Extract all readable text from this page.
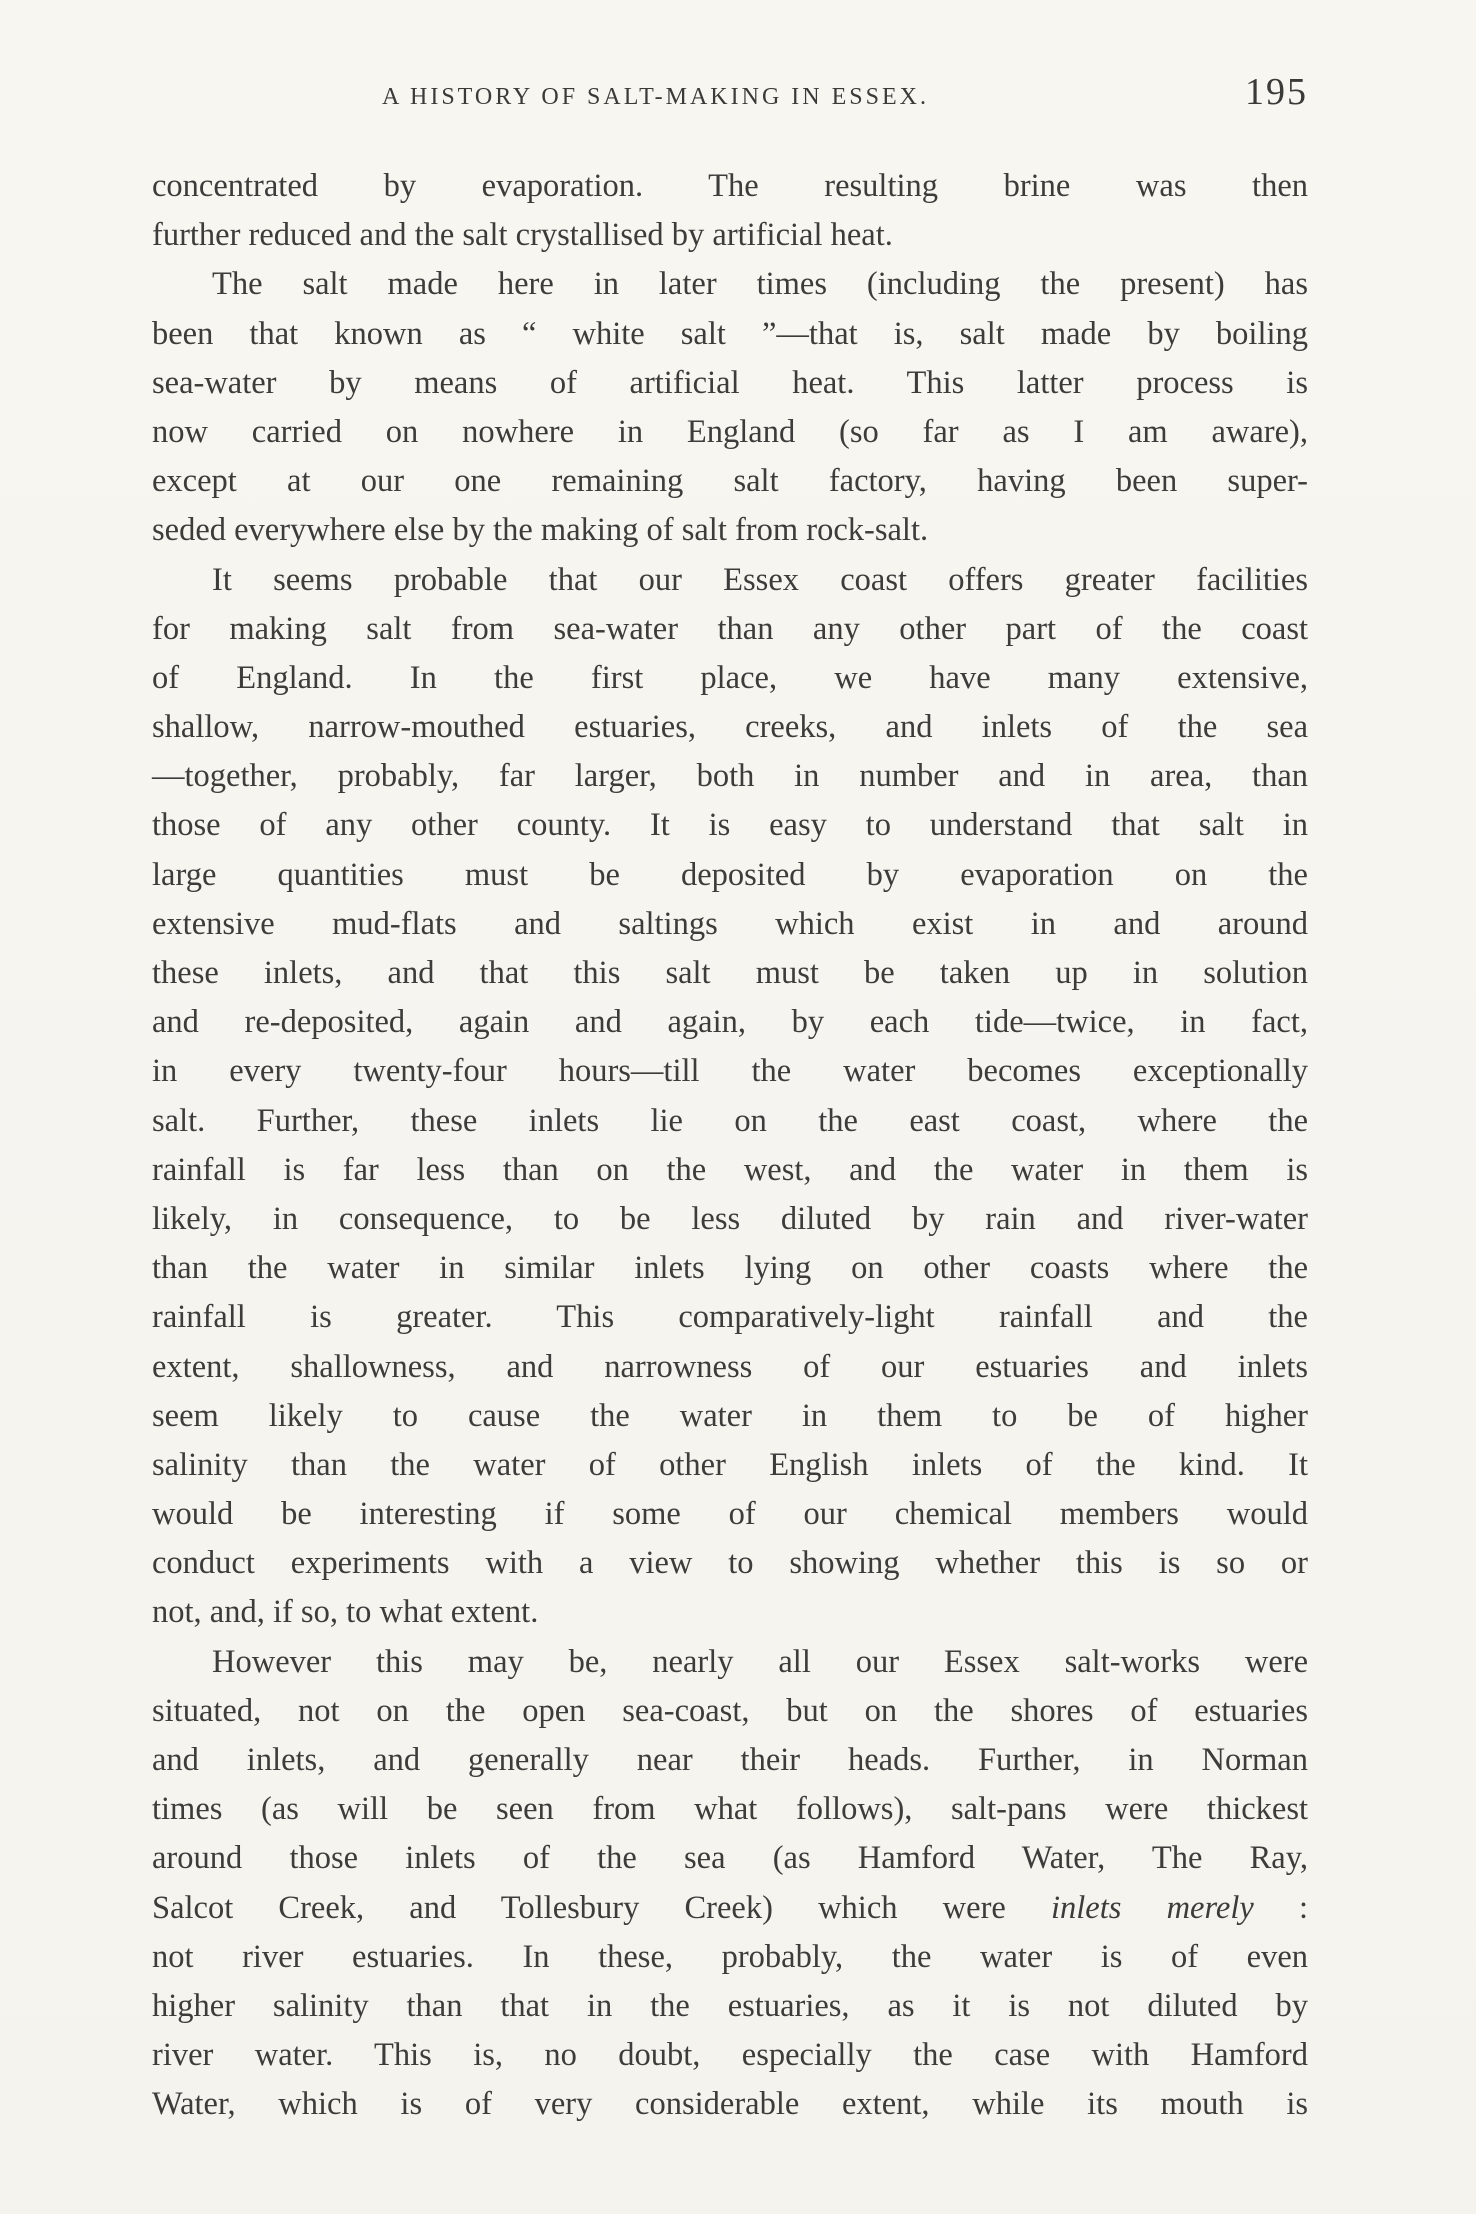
A HISTORY OF SALT-MAKING IN ESSEX.	195
concentrated by evaporation. The resulting brine was then
further reduced and the salt crystallised by artificial heat.
The salt made here in later times (including the present) has
been that known as “ white salt ”—that is, salt made by boiling
sea-water by means of artificial heat. This latter process is
now carried on nowhere in England (so far as I am aware),
except at our one remaining salt factory, having been super-
seded everywhere else by the making of salt from rock-salt.
It seems probable that our Essex coast offers greater facilities
for making salt from sea-water than any other part of the coast
of England. In the first place, we have many extensive,
shallow, narrow-mouthed estuaries, creeks, and inlets of the sea
—together, probably, far larger, both in number and in area, than
those of any other county. It is easy to understand that salt in
large quantities must be deposited by evaporation on the
extensive mud-flats and saltings which exist in and around
these inlets, and that this salt must be taken up in solution
and re-deposited, again and again, by each tide—twice, in fact,
in every twenty-four hours—till the water becomes exceptionally
salt. Further, these inlets lie on the east coast, where the
rainfall is far less than on the west, and the water in them is
likely, in consequence, to be less diluted by rain and river-water
than the water in similar inlets lying on other coasts where the
rainfall is greater. This comparatively-light rainfall and the
extent, shallowness, and narrowness of our estuaries and inlets
seem likely to cause the water in them to be of higher
salinity than the water of other English inlets of the kind. It
would be interesting if some of our chemical members would
conduct experiments with a view to showing whether this is so or
not, and, if so, to what extent.
However this may be, nearly all our Essex salt-works were
situated, not on the open sea-coast, but on the shores of estuaries
and inlets, and generally near their heads. Further, in Norman
times (as will be seen from what follows), salt-pans were thickest
around those inlets of the sea (as Hamford Water, The Ray,
Salcot Creek, and Tollesbury Creek) which were inlets merely :
not river estuaries. In these, probably, the water is of even
higher salinity than that in the estuaries, as it is not diluted by
river water. This is, no doubt, especially the case with Hamford
Water, which is of very considerable extent, while its mouth is
